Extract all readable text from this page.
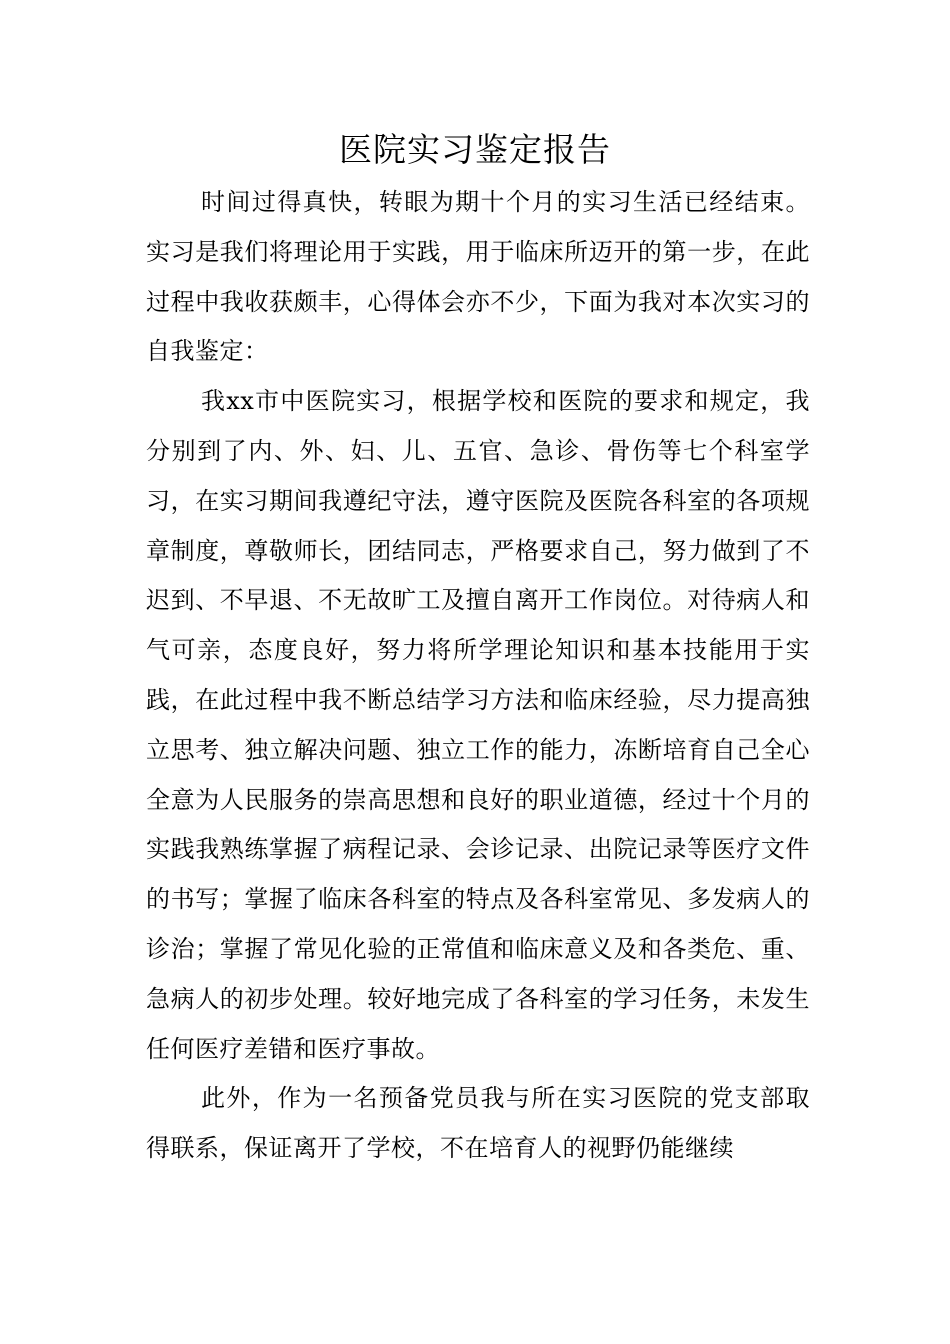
医院实习鉴定报告

时间过得真快，转眼为期十个月的实习生活已经结束。实习是我们将理论用于实践，用于临床所迈开的第一步，在此过程中我收获颇丰，心得体会亦不少，下面为我对本次实习的自我鉴定：

我xx市中医院实习，根据学校和医院的要求和规定，我分别到了内、外、妇、儿、五官、急诊、骨伤等七个科室学习，在实习期间我遵纪守法，遵守医院及医院各科室的各项规章制度，尊敬师长，团结同志，严格要求自己，努力做到了不迟到、不早退、不无故旷工及擅自离开工作岗位。对待病人和气可亲，态度良好，努力将所学理论知识和基本技能用于实践，在此过程中我不断总结学习方法和临床经验，尽力提高独立思考、独立解决问题、独立工作的能力，冻断培育自己全心全意为人民服务的崇高思想和良好的职业道德，经过十个月的实践我熟练掌握了病程记录、会诊记录、出院记录等医疗文件的书写；掌握了临床各科室的特点及各科室常见、多发病人的诊治；掌握了常见化验的正常值和临床意义及和各类危、重、急病人的初步处理。较好地完成了各科室的学习任务，未发生任何医疗差错和医疗事故。

此外，作为一名预备党员我与所在实习医院的党支部取得联系，保证离开了学校，不在培育人的视野仍能继续
